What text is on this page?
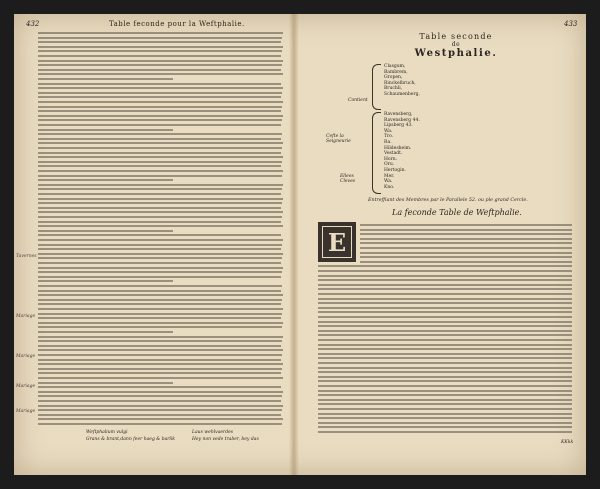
432	Table feconde pour la Weftphalie.
Tavernes
Mariage
Mariage
Mariage
Mariage
Weftphalium vulgi
Grans & brant,dann feer haeg & barlik
Laus wehlvaerdes
Hey non vede traber, bey das
433
Table seconde
de
Westphalie.
Contient
Cefte la Seigneurie
Ellees Cleves
Clasgum,
Bambrem,
Gropen,
Rinckelbruch,
Bruchli,
Schaumenberg,
Ravensberg,
Ravensberg 44.
Lipsberg 43.
Wa.
Tro.
Ra.
Hildesheim.
Vestadt.
Horn.
Oru.
Hertogin.
Mer.
Wa.
Kno.
Entreffiant des Membres par le Parallele 52. ou ple grand Cercle.
La feconde Table de Weftphalie.
E
KKkk
